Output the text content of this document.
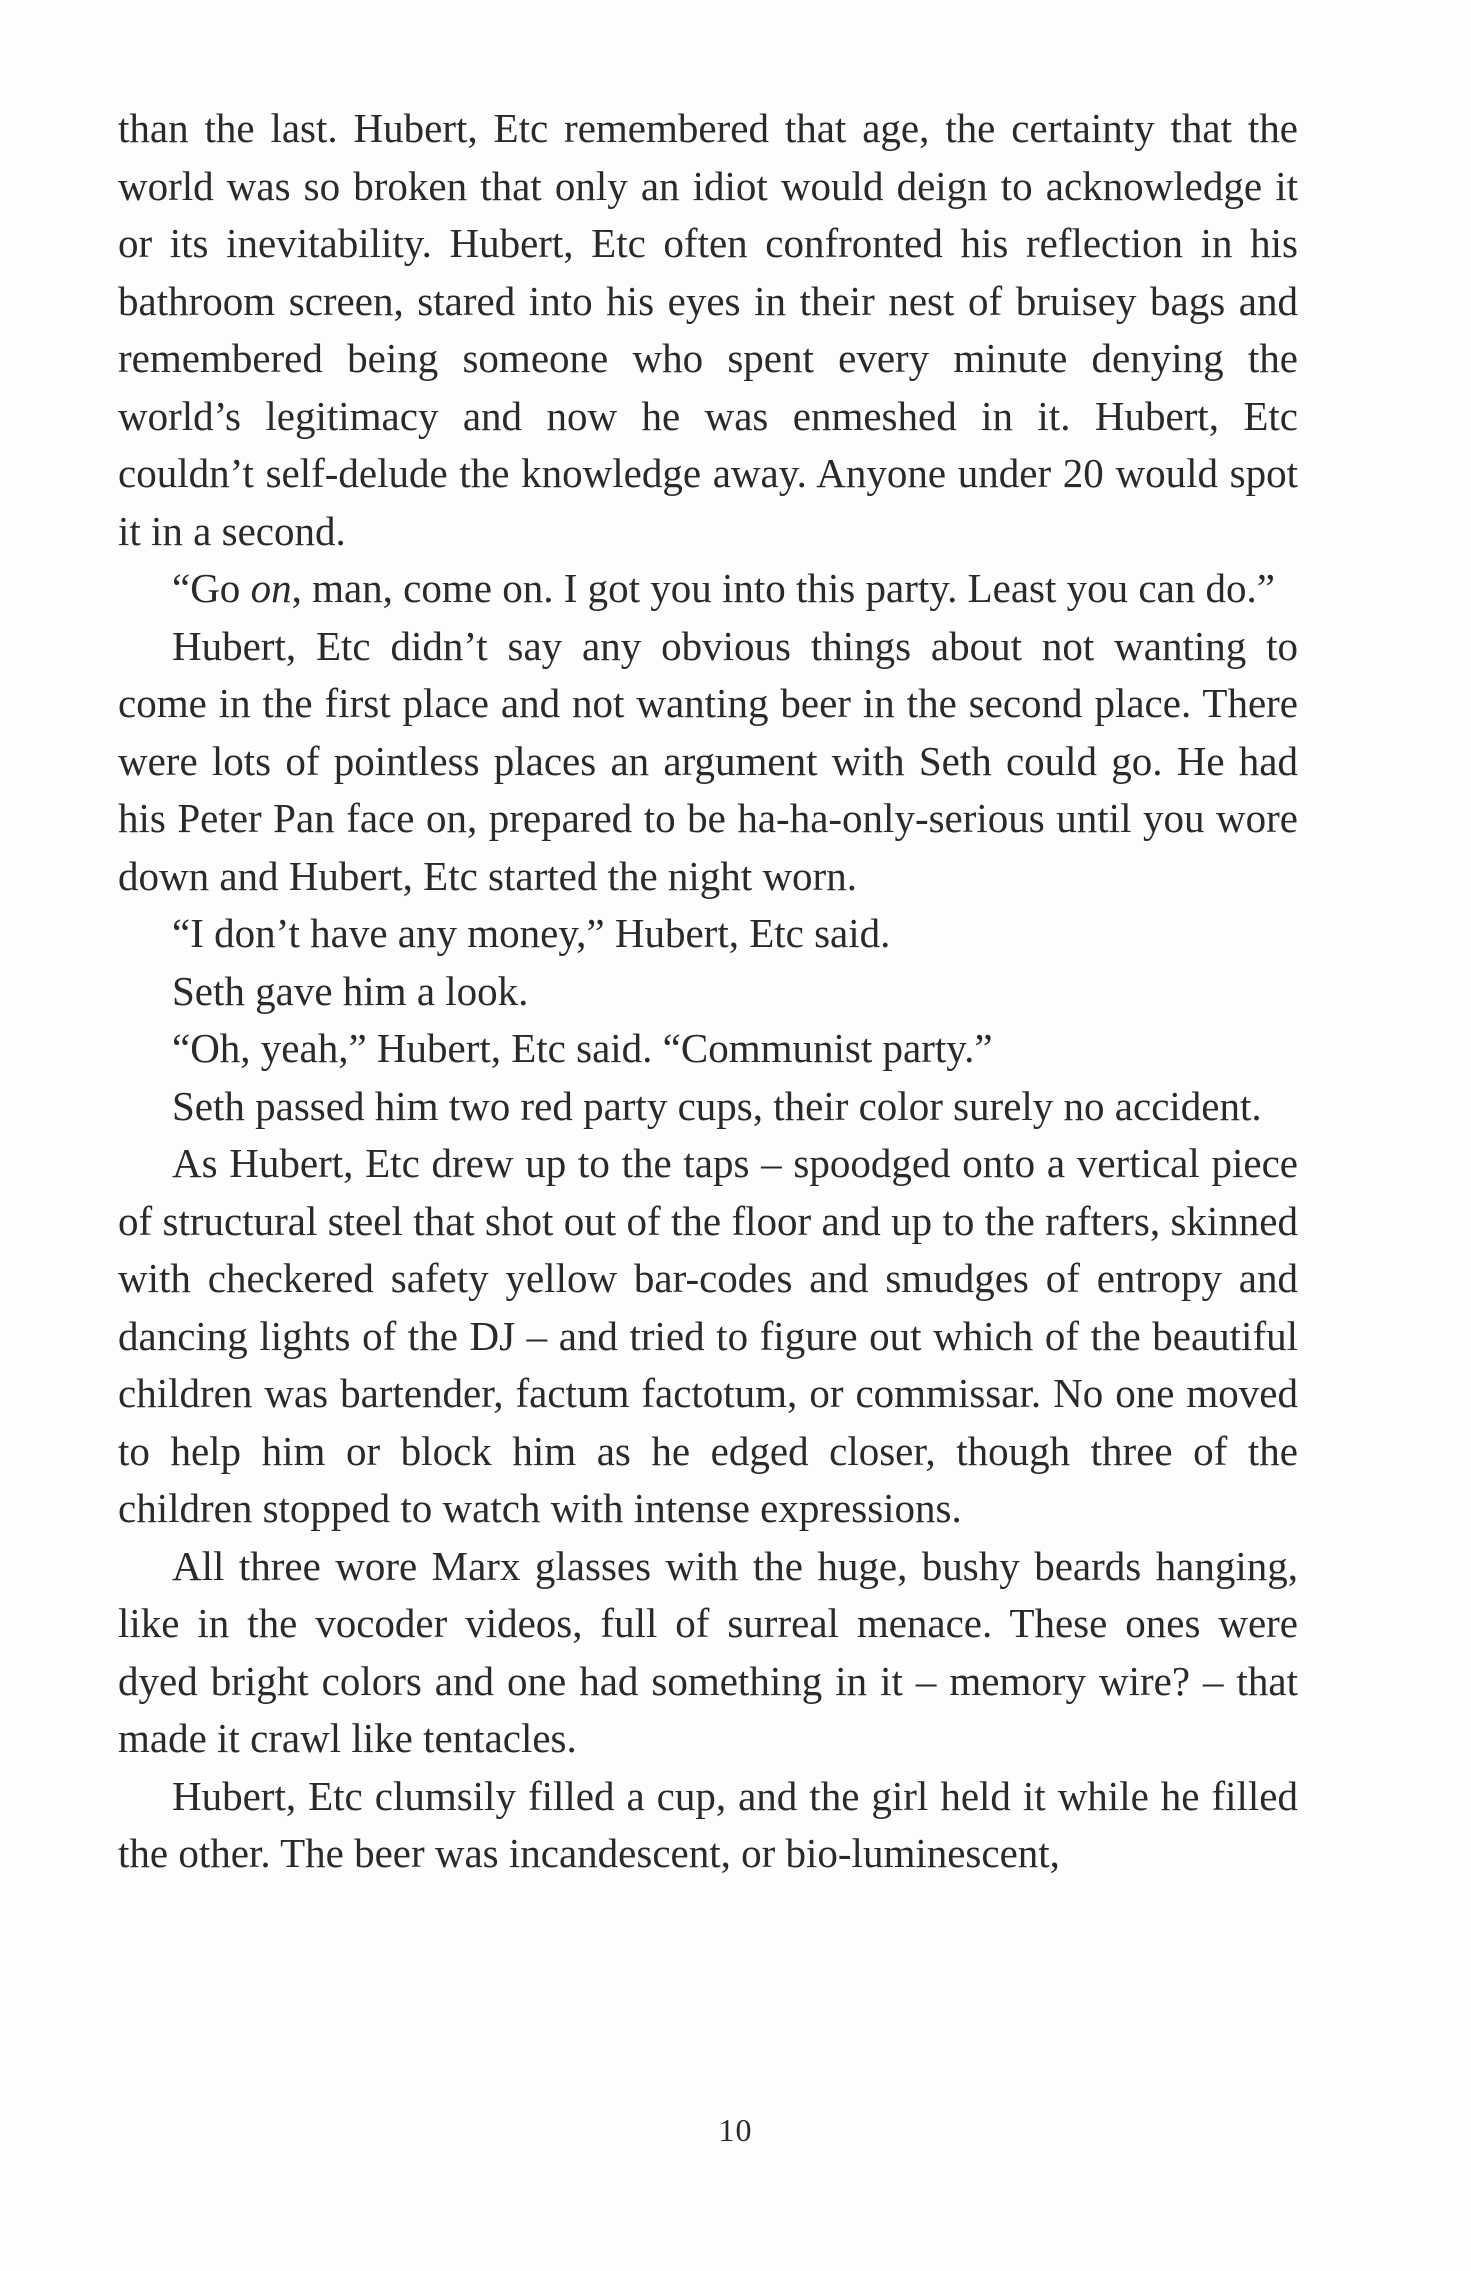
than the last. Hubert, Etc remembered that age, the certainty that the world was so broken that only an idiot would deign to acknowledge it or its inevitability. Hubert, Etc often confronted his reflection in his bathroom screen, stared into his eyes in their nest of bruisey bags and remembered being someone who spent every minute denying the world’s legitimacy and now he was enmeshed in it. Hubert, Etc couldn’t self-delude the knowledge away. Anyone under 20 would spot it in a second.

“Go on, man, come on. I got you into this party. Least you can do.”

Hubert, Etc didn’t say any obvious things about not wanting to come in the first place and not wanting beer in the second place. There were lots of pointless places an argument with Seth could go. He had his Peter Pan face on, prepared to be ha-ha-only-serious until you wore down and Hubert, Etc started the night worn.

“I don’t have any money,” Hubert, Etc said.

Seth gave him a look.

“Oh, yeah,” Hubert, Etc said. “Communist party.”

Seth passed him two red party cups, their color surely no accident.

As Hubert, Etc drew up to the taps – spoodged onto a vertical piece of structural steel that shot out of the floor and up to the rafters, skinned with checkered safety yellow bar-codes and smudges of entropy and dancing lights of the DJ – and tried to figure out which of the beautiful children was bartender, factum factotum, or commissar. No one moved to help him or block him as he edged closer, though three of the children stopped to watch with intense expressions.

All three wore Marx glasses with the huge, bushy beards hanging, like in the vocoder videos, full of surreal menace. These ones were dyed bright colors and one had something in it – memory wire? – that made it crawl like tentacles.

Hubert, Etc clumsily filled a cup, and the girl held it while he filled the other. The beer was incandescent, or bio-luminescent,

10
